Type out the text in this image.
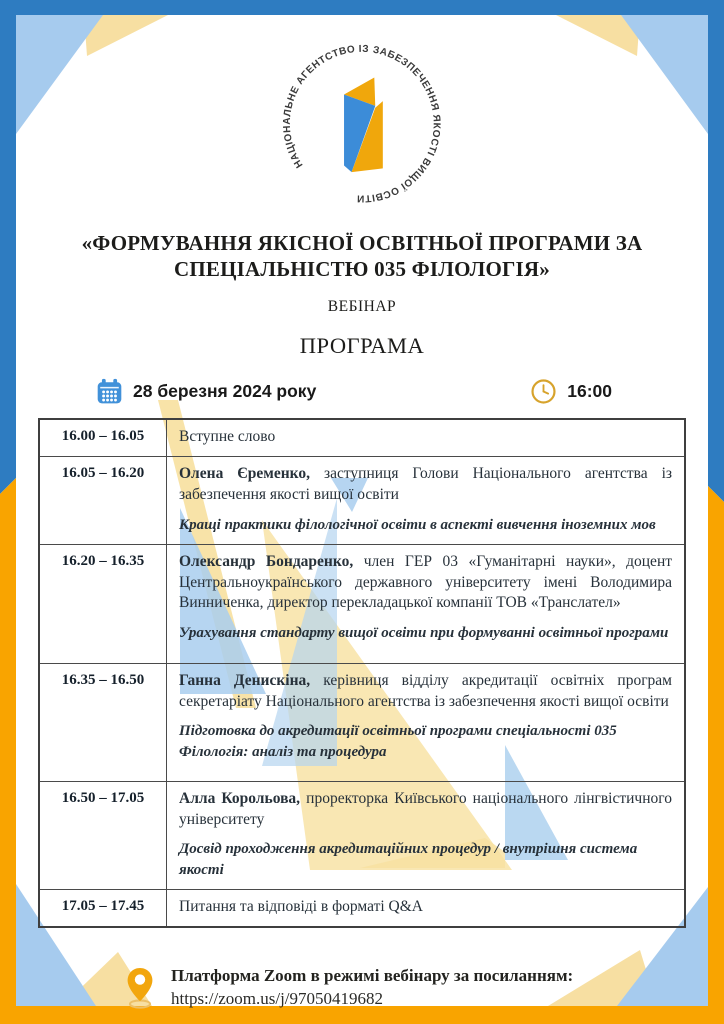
НАЦІОНАЛЬНЕ АГЕНТСТВО ІЗ ЗАБЕЗПЕЧЕННЯ ЯКОСТІ ВИЩОЇ ОСВІТИ
«ФОРМУВАННЯ ЯКІСНОЇ ОСВІТНЬОЇ ПРОГРАМИ ЗА СПЕЦІАЛЬНІСТЮ 035 ФІЛОЛОГІЯ»
ВЕБІНАР
ПРОГРАМА
28 березня 2024 року	16:00
16.00 – 16.05	Вступне слово
16.05 – 16.20	Олена Єременко, заступниця Голови Національного агентства із забезпечення якості вищої освіти
Кращі практики філологічної освіти в аспекті вивчення іноземних мов
16.20 – 16.35	Олександр Бондаренко, член ГЕР 03 «Гуманітарні науки», доцент Центральноукраїнського державного університету імені Володимира Винниченка, директор перекладацької компанії ТОВ «Транслател»
Урахування стандарту вищої освіти при формуванні освітньої програми
16.35 – 16.50	Ганна Денискіна, керівниця відділу акредитації освітніх програм секретаріату Національного агентства із забезпечення якості вищої освіти
Підготовка до акредитації освітньої програми спеціальності 035 Філологія: аналіз та процедура
16.50 – 17.05	Алла Корольова, проректорка Київського національного лінгвістичного університету
Досвід проходження акредитаційних процедур / внутрішня система якості
17.05 – 17.45	Питання та відповіді в форматі Q&A
Платформа Zoom в режимі вебінару за посиланням:
https://zoom.us/j/97050419682
